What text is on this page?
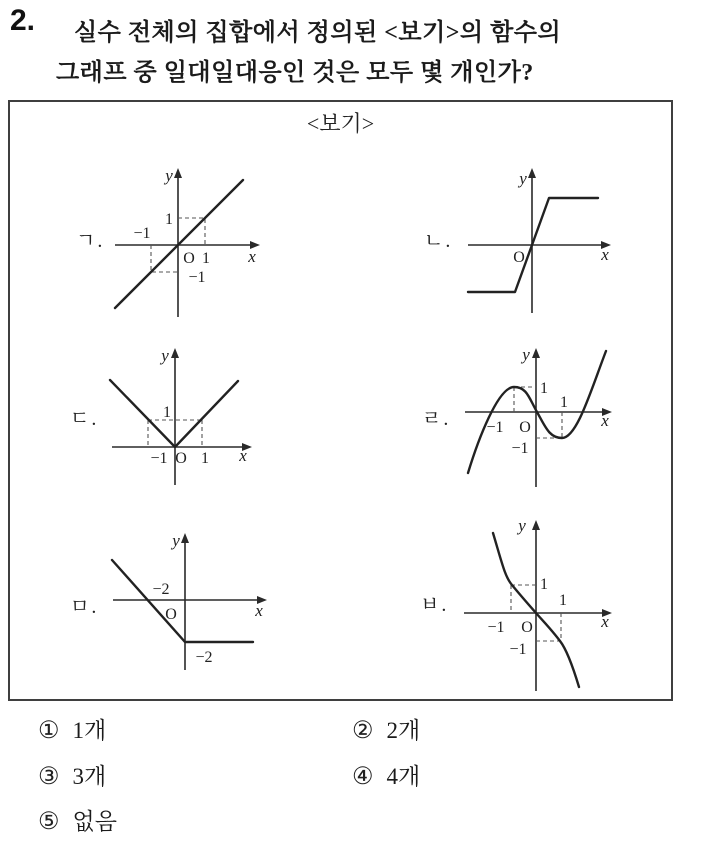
2. 실수 전체의 집합에서 정의된 <보기>의 함수의
그래프 중 일대일대응인 것은 모두 몇 개인가?
<보기>
ㄱ.
y
1
−1
O 1
−1
x
ㄴ.
y
O	x
ㄷ.
y
1
−1 O 1 x
ㄹ.
y
1
1
−1 O
−1
x
ㅁ.
y
−2
O	x
−2
ㅂ.
y
1
1
−1 O
−1
x
① 1개	② 2개
③ 3개	④ 4개
⑤ 없음
